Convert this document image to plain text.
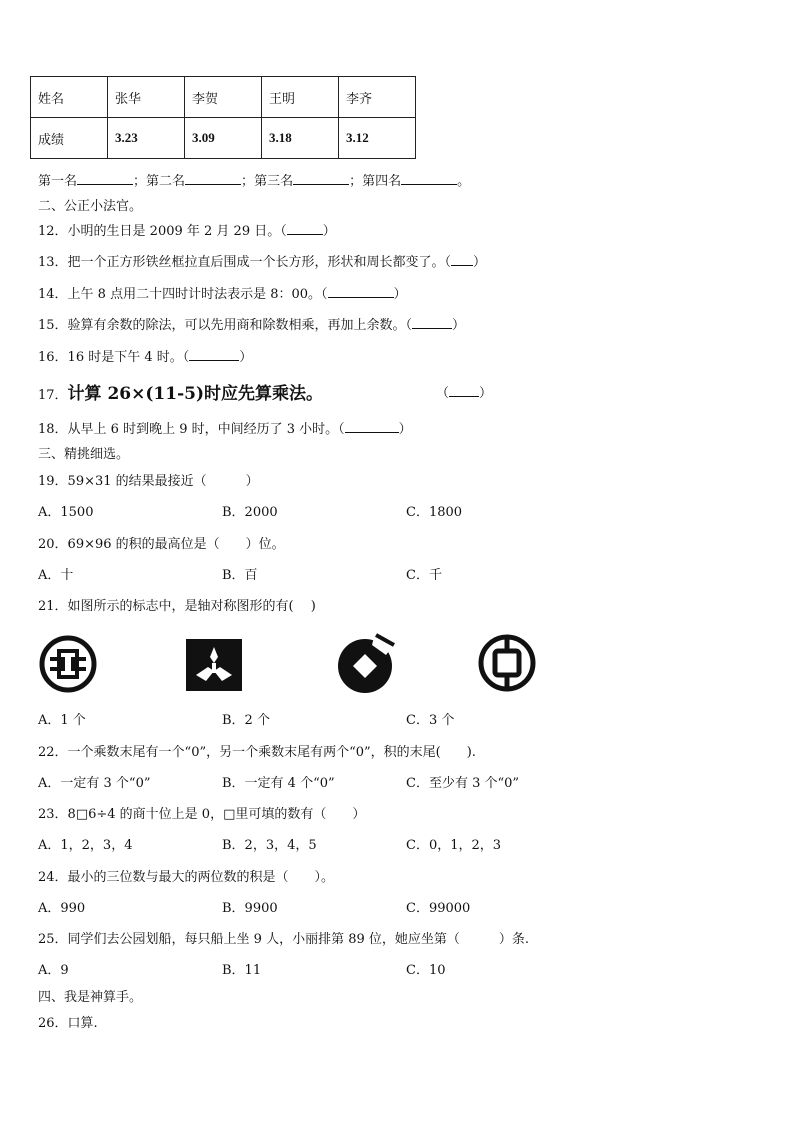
姓名	张华	李贺	王明	李齐
成绩	3.23	3.09	3.18	3.12
第一名	；第二名	；第三名	；第四名	。
二、公正小法官。
12．小明的生日是 2009 年 2 月 29 日。（	）
13．把一个正方形铁丝框拉直后围成一个长方形，形状和周长都变了。（ ）
14．上午 8 点用二十四时计时法表示是 8：00。（	）
15．验算有余数的除法，可以先用商和除数相乘，再加上余数。（	）
16．16 时是下午 4 时。（	）
17．计算 26×(11-5)时应先算乘法。	（ ）
18．从早上 6 时到晚上 9 时，中间经历了 3 小时。（	）
三、精挑细选。
19．59×31 的结果最接近（　　　）
A．1500	B．2000	C．1800
20．69×96 的积的最高位是（　　）位。
A．十	B．百	C．千
21．如图所示的标志中，是轴对称图形的有(　 )
A．1 个	B．2 个	C．3 个
22．一个乘数末尾有一个“0”，另一个乘数末尾有两个“0”，积的末尾(　　).
A．一定有 3 个“0”	B．一定有 4 个“0”	C．至少有 3 个“0”
23．8□6÷4 的商十位上是 0，□里可填的数有（　　）
A．1，2，3，4	B．2，3，4，5	C．0，1，2，3
24．最小的三位数与最大的两位数的积是（　　）。
A．990	B．9900	C．99000
25．同学们去公园划船，每只船上坐 9 人，小丽排第 89 位，她应坐第（　　　）条.
A．9	B．11	C．10
四、我是神算手。
26．口算.
